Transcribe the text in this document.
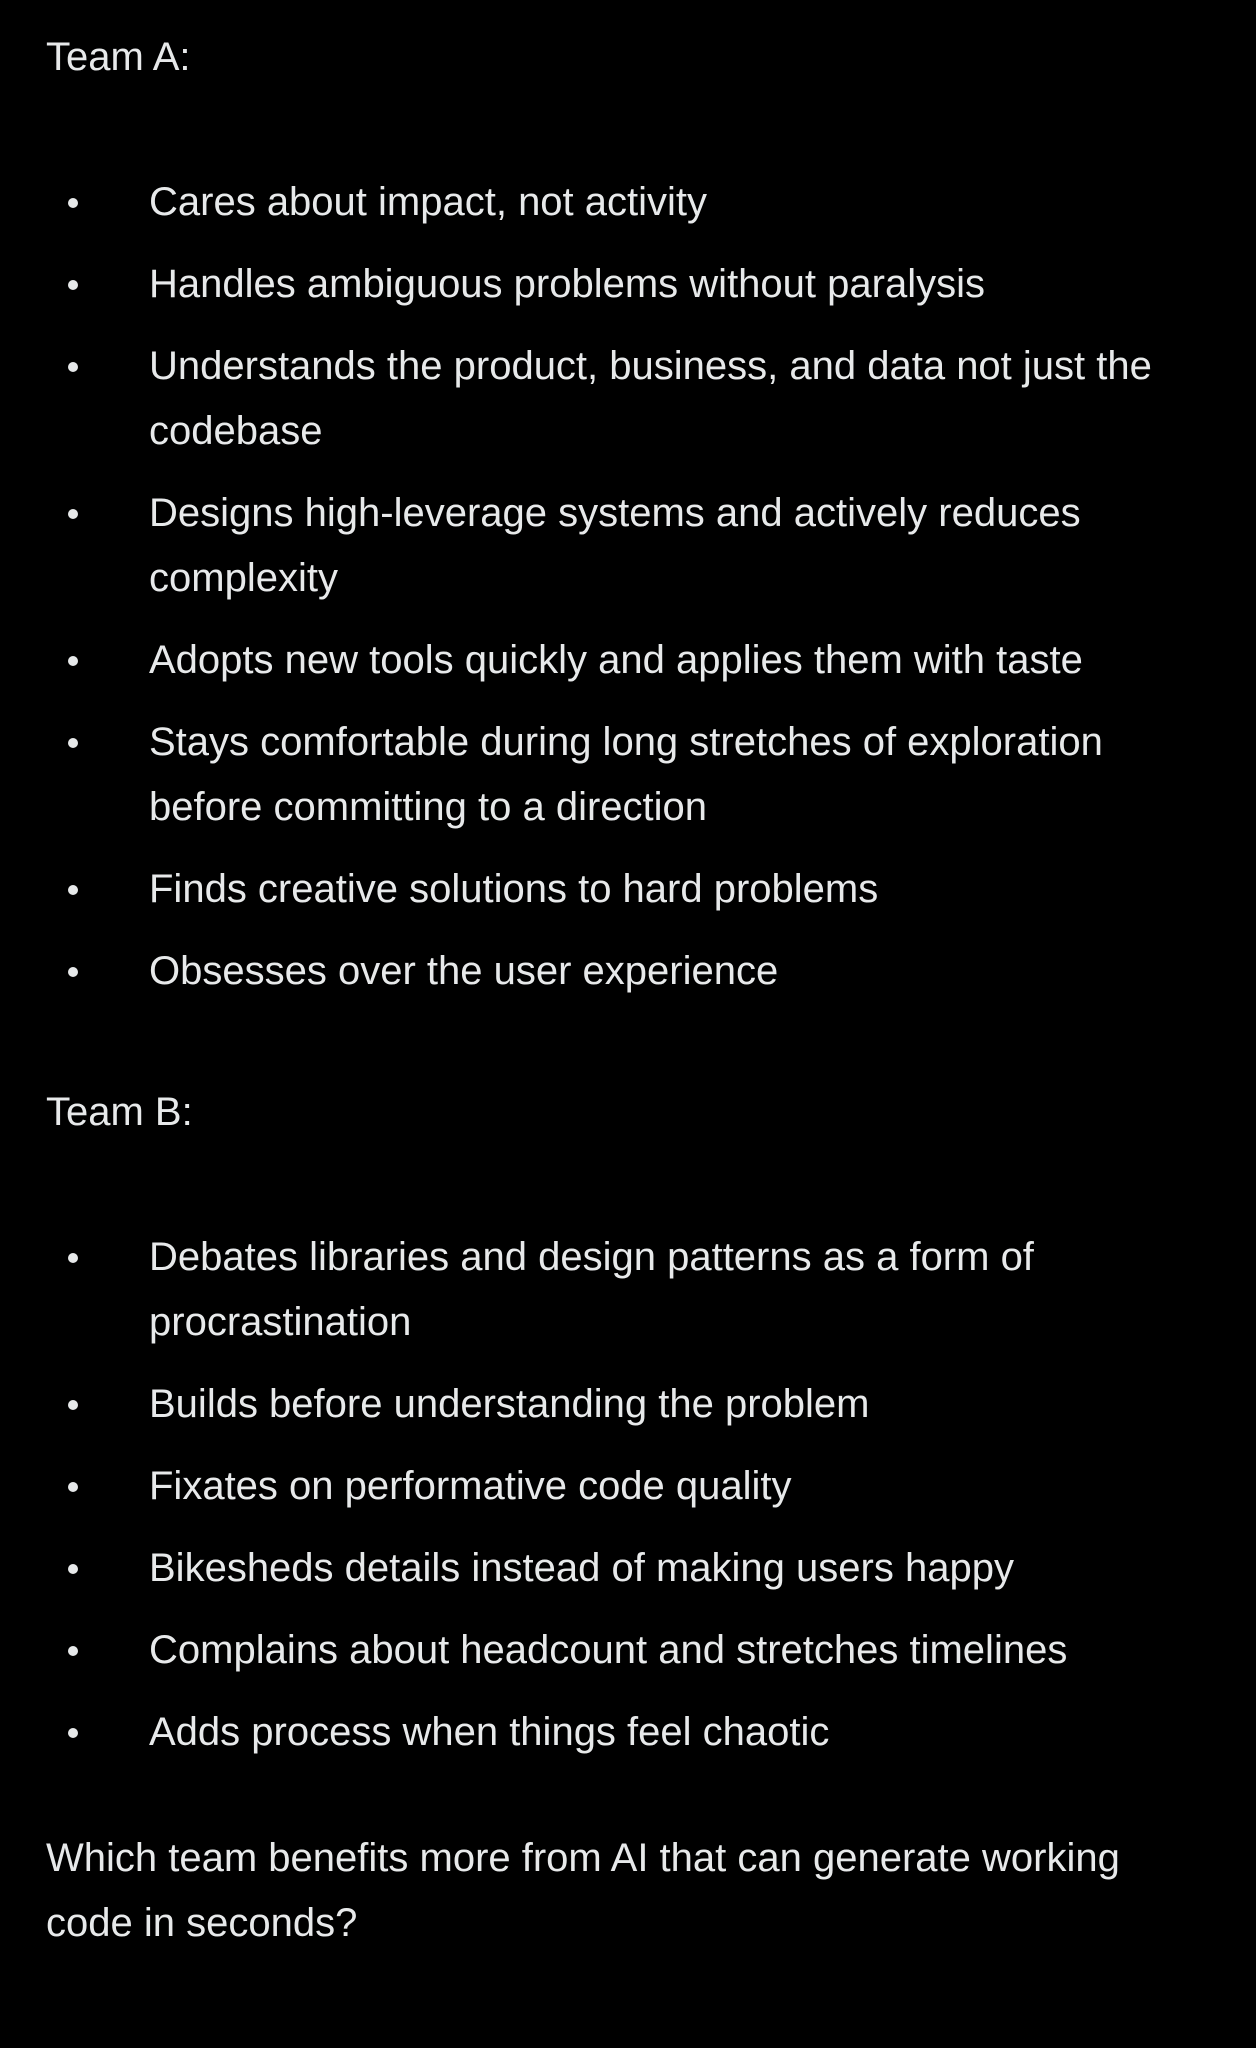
Team A:

Cares about impact, not activity
Handles ambiguous problems without paralysis
Understands the product, business, and data not just the codebase
Designs high-leverage systems and actively reduces complexity
Adopts new tools quickly and applies them with taste
Stays comfortable during long stretches of exploration before committing to a direction
Finds creative solutions to hard problems
Obsesses over the user experience

Team B:

Debates libraries and design patterns as a form of procrastination
Builds before understanding the problem
Fixates on performative code quality
Bikesheds details instead of making users happy
Complains about headcount and stretches timelines
Adds process when things feel chaotic

Which team benefits more from AI that can generate working code in seconds?
